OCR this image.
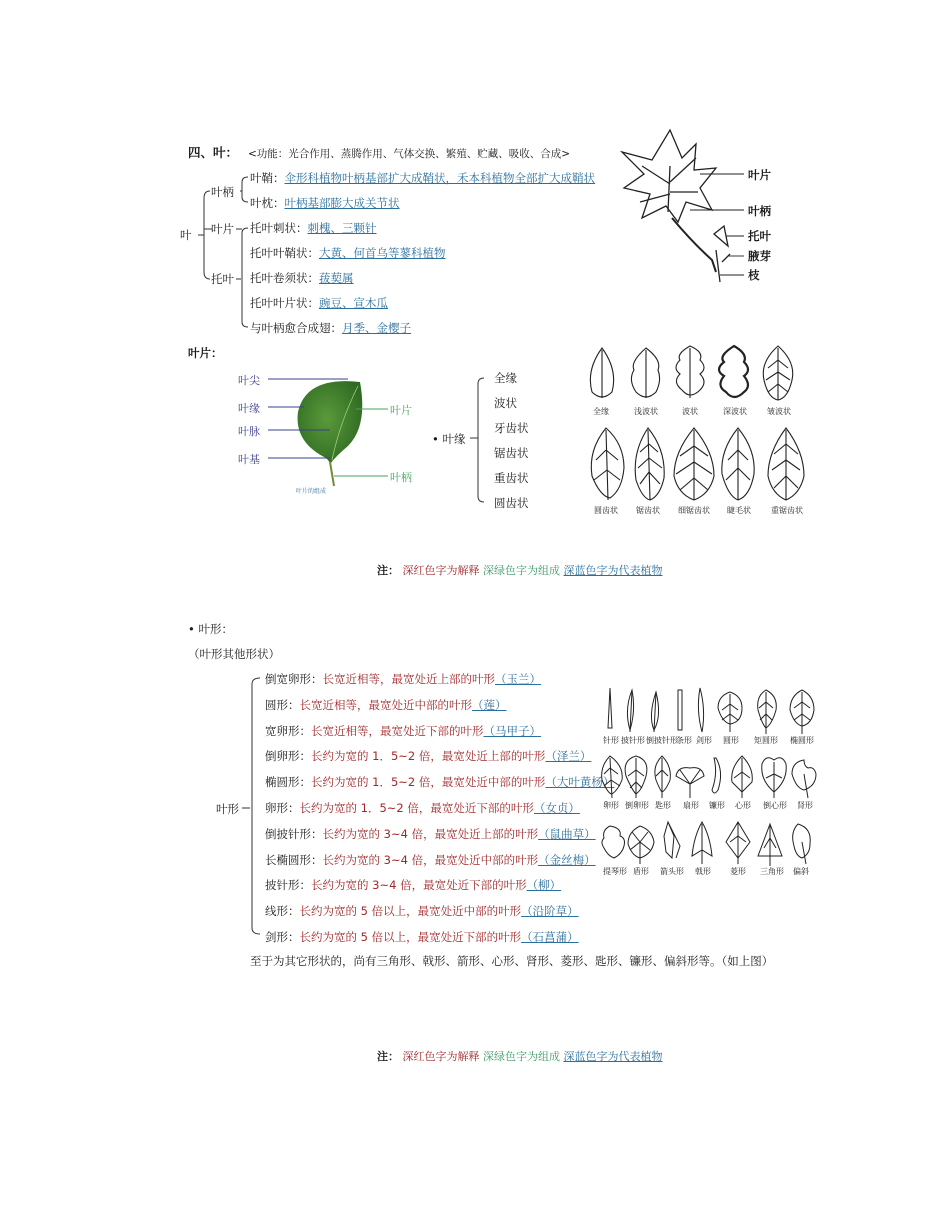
四、叶： <功能：光合作用、蒸腾作用、气体交换、繁殖、贮藏、吸收、合成>
叶
叶柄
叶片
托叶
叶鞘：伞形科植物叶柄基部扩大成鞘状，禾本科植物全部扩大成鞘状
叶枕：叶柄基部膨大成关节状
托叶刺状：刺槐、三颗针
托叶叶鞘状：大黄、何首乌等蓼科植物
托叶卷须状：菝葜属
托叶叶片状：豌豆、宣木瓜
与叶柄愈合成翅：月季、金樱子
叶片
叶柄
托叶
腋芽
枝
叶片：
叶尖
叶缘
叶脉
叶基
叶片
叶柄
叶片的组成
• 叶缘
全缘
波状
牙齿状
锯齿状
重齿状
圆齿状
全缘	浅波状	波状	深波状	皱波状
圆齿状	锯齿状	细锯齿状	睫毛状	重锯齿状
注： 深红色字为解释 深绿色字为组成 深蓝色字为代表植物
• 叶形：
（叶形其他形状）
叶形
倒宽卵形：长宽近相等，最宽处近上部的叶形（玉兰）
圆形：长宽近相等，最宽处近中部的叶形（莲）
宽卵形：长宽近相等，最宽处近下部的叶形（马甲子）
倒卵形：长约为宽的 1．5~2 倍，最宽处近上部的叶形（泽兰）
椭圆形：长约为宽的 1．5~2 倍，最宽处近中部的叶形（大叶黄杨）
卵形：长约为宽的 1．5~2 倍，最宽处近下部的叶形（女贞）
倒披针形：长约为宽的 3~4 倍，最宽处近上部的叶形（鼠曲草）
长椭圆形：长约为宽的 3~4 倍，最宽处近中部的叶形（金丝梅）
披针形：长约为宽的 3~4 倍，最宽处近下部的叶形（柳）
线形：长约为宽的 5 倍以上，最宽处近中部的叶形（沿阶草）
剑形：长约为宽的 5 倍以上，最宽处近下部的叶形（石菖蒲）
至于为其它形状的，尚有三角形、戟形、箭形、心形、肾形、菱形、匙形、镰形、偏斜形等。（如上图）
针形 披针形 倒披针形
条形 剑形	圆形	矩圆形 椭圆形
卵形 倒卵形 匙形	扇形	镰形	心形	倒心形	肾形
提琴形 盾形	箭头形	戟形	菱形	三角形	偏斜
注： 深红色字为解释 深绿色字为组成 深蓝色字为代表植物
